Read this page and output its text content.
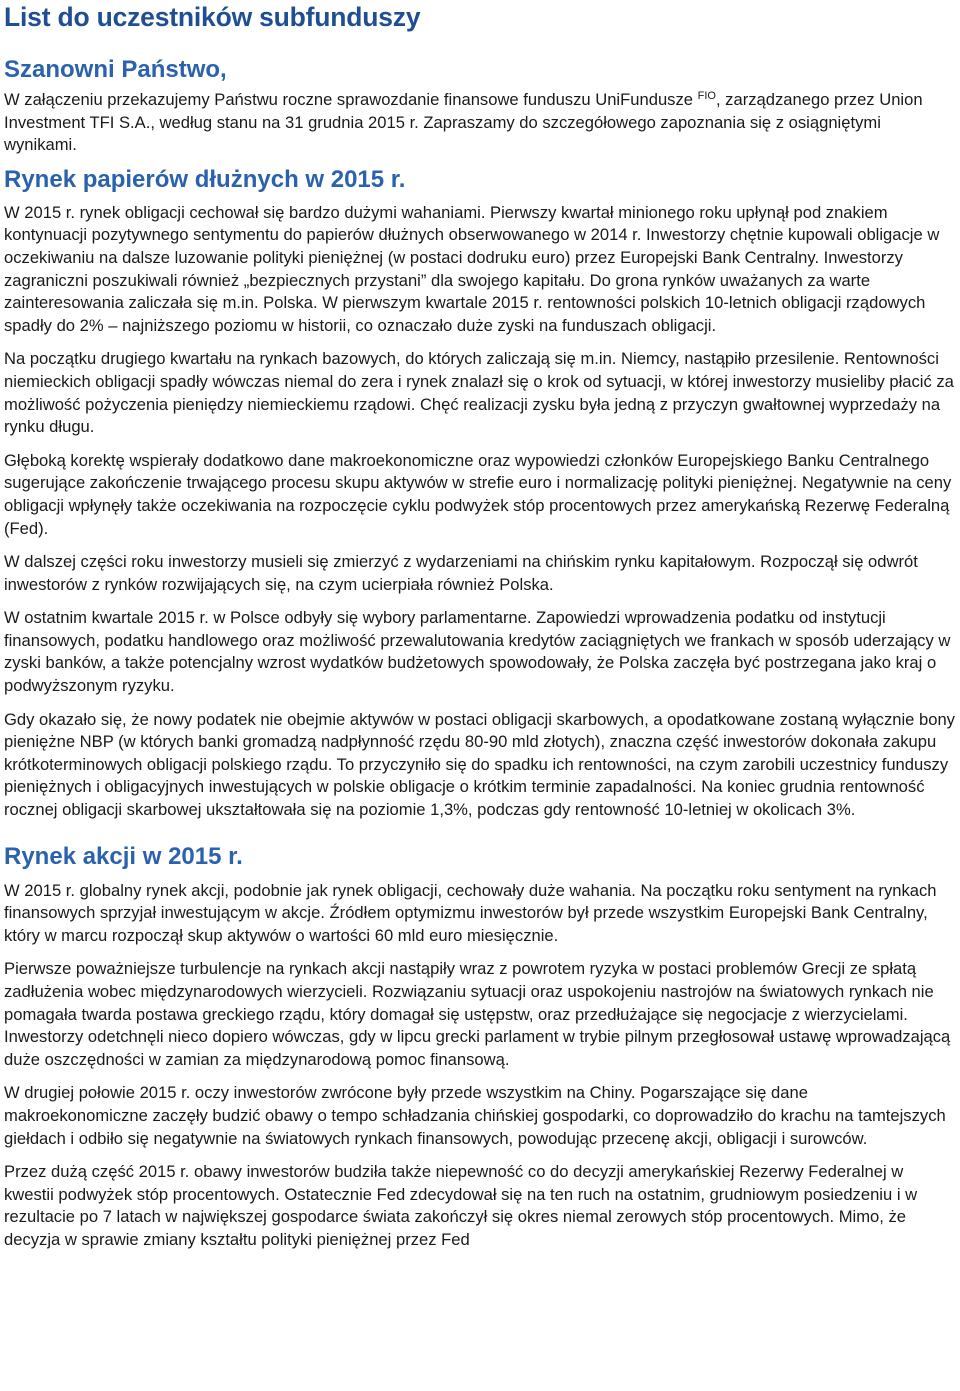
List do uczestników subfunduszy
Szanowni Państwo,

W załączeniu przekazujemy Państwu roczne sprawozdanie finansowe funduszu UniFundusze $^{FIO}$, zarządzanego przez Union Investment TFI S.A., według stanu na 31 grudnia 2015 r. Zapraszamy do szczegółowego zapoznania się z osiągniętymi wynikami.

Rynek papierów dłużnych w 2015 r.

W 2015 r. rynek obligacji cechował się bardzo dużymi wahaniami. Pierwszy kwartał minionego roku upłynął pod znakiem kontynuacji pozytywnego sentymentu do papierów dłużnych obserwowanego w 2014 r. Inwestorzy chętnie kupowali obligacje w oczekiwaniu na dalsze luzowanie polityki pieniężnej (w postaci dodruku euro) przez Europejski Bank Centralny. Inwestorzy zagraniczni poszukiwali również „bezpiecznych przystani” dla swojego kapitału. Do grona rynków uważanych za warte zainteresowania zaliczała się m.in. Polska. W pierwszym kwartale 2015 r. rentowności polskich 10-letnich obligacji rządowych spadły do 2% – najniższego poziomu w historii, co oznaczało duże zyski na funduszach obligacji.

Na początku drugiego kwartału na rynkach bazowych, do których zaliczają się m.in. Niemcy, nastąpiło przesilenie. Rentowności niemieckich obligacji spadły wówczas niemal do zera i rynek znalazł się o krok od sytuacji, w której inwestorzy musieliby płacić za możliwość pożyczenia pieniędzy niemieckiemu rządowi. Chęć realizacji zysku była jedną z przyczyn gwałtownej wyprzedaży na rynku długu.

Głęboką korektę wspierały dodatkowo dane makroekonomiczne oraz wypowiedzi członków Europejskiego Banku Centralnego sugerujące zakończenie trwającego procesu skupu aktywów w strefie euro i normalizację polityki pieniężnej. Negatywnie na ceny obligacji wpłynęły także oczekiwania na rozpoczęcie cyklu podwyżek stóp procentowych przez amerykańską Rezerwę Federalną (Fed).

W dalszej części roku inwestorzy musieli się zmierzyć z wydarzeniami na chińskim rynku kapitałowym. Rozpoczął się odwrót inwestorów z rynków rozwijających się, na czym ucierpiała również Polska.

W ostatnim kwartale 2015 r. w Polsce odbyły się wybory parlamentarne. Zapowiedzi wprowadzenia podatku od instytucji finansowych, podatku handlowego oraz możliwość przewalutowania kredytów zaciągniętych we frankach w sposób uderzający w zyski banków, a także potencjalny wzrost wydatków budżetowych spowodowały, że Polska zaczęła być postrzegana jako kraj o podwyższonym ryzyku.

Gdy okazało się, że nowy podatek nie obejmie aktywów w postaci obligacji skarbowych, a opodatkowane zostaną wyłącznie bony pieniężne NBP (w których banki gromadzą nadpłynność rzędu 80-90 mld złotych), znaczna część inwestorów dokonała zakupu krótkoterminowych obligacji polskiego rządu. To przyczyniło się do spadku ich rentowności, na czym zarobili uczestnicy funduszy pieniężnych i obligacyjnych inwestujących w polskie obligacje o krótkim terminie zapadalności. Na koniec grudnia rentowność rocznej obligacji skarbowej ukształtowała się na poziomie 1,3%, podczas gdy rentowność 10-letniej w okolicach 3%.

Rynek akcji w 2015 r.

W 2015 r. globalny rynek akcji, podobnie jak rynek obligacji, cechowały duże wahania. Na początku roku sentyment na rynkach finansowych sprzyjał inwestującym w akcje. Źródłem optymizmu inwestorów był przede wszystkim Europejski Bank Centralny, który w marcu rozpoczął skup aktywów o wartości 60 mld euro miesięcznie.

Pierwsze poważniejsze turbulencje na rynkach akcji nastąpiły wraz z powrotem ryzyka w postaci problemów Grecji ze spłatą zadłużenia wobec międzynarodowych wierzycieli. Rozwiązaniu sytuacji oraz uspokojeniu nastrojów na światowych rynkach nie pomagała twarda postawa greckiego rządu, który domagał się ustępstw, oraz przedłużające się negocjacje z wierzycielami. Inwestorzy odetchnęli nieco dopiero wówczas, gdy w lipcu grecki parlament w trybie pilnym przegłosował ustawę wprowadzającą duże oszczędności w zamian za międzynarodową pomoc finansową.

W drugiej połowie 2015 r. oczy inwestorów zwrócone były przede wszystkim na Chiny. Pogarszające się dane makroekonomiczne zaczęły budzić obawy o tempo schładzania chińskiej gospodarki, co doprowadziło do krachu na tamtejszych giełdach i odbiło się negatywnie na światowych rynkach finansowych, powodując przecenę akcji, obligacji i surowców.

Przez dużą część 2015 r. obawy inwestorów budziła także niepewność co do decyzji amerykańskiej Rezerwy Federalnej w kwestii podwyżek stóp procentowych. Ostatecznie Fed zdecydował się na ten ruch na ostatnim, grudniowym posiedzeniu i w rezultacie po 7 latach w największej gospodarce świata zakończył się okres niemal zerowych stóp procentowych. Mimo, że decyzja w sprawie zmiany kształtu polityki pieniężnej przez Fed
